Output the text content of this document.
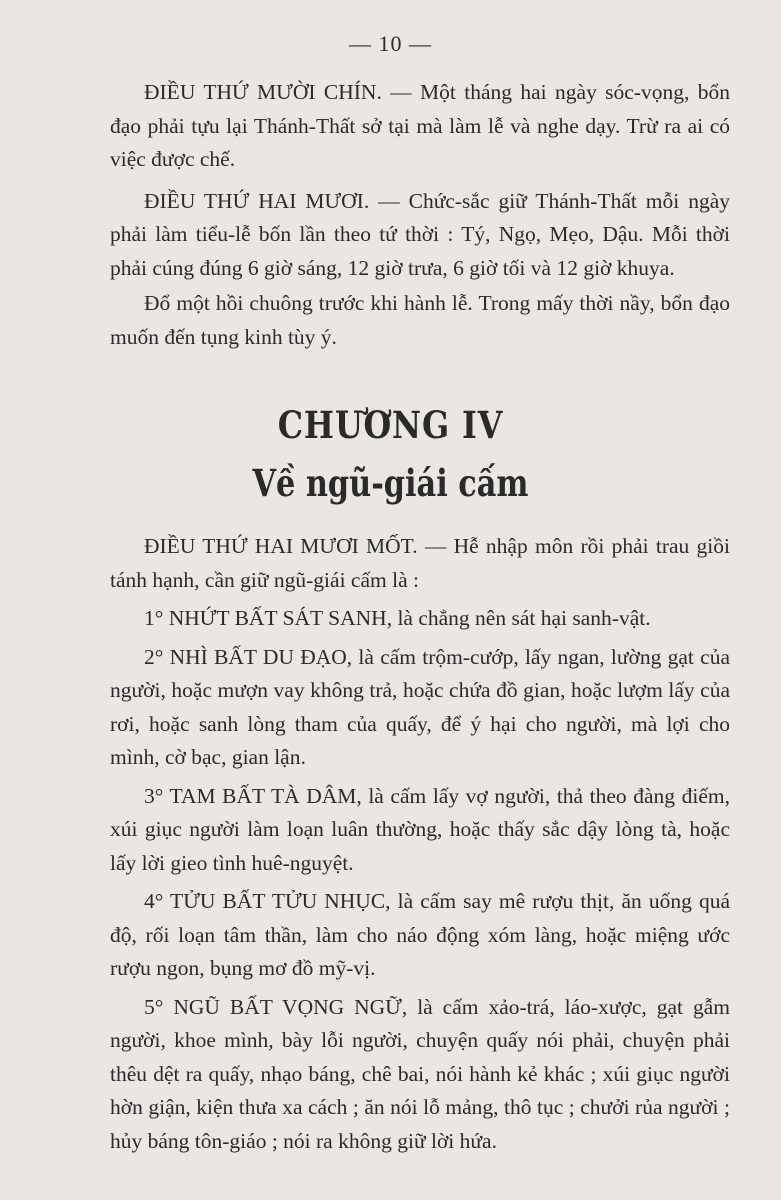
— 10 —

ĐIỀU THỨ MƯỜI CHÍN. — Một tháng hai ngày sóc-vọng, bổn đạo phải tựu lại Thánh-Thất sở tại mà làm lễ và nghe dạy. Trừ ra ai có việc được chế.

ĐIỀU THỨ HAI MƯƠI. — Chức-sắc giữ Thánh-Thất mỗi ngày phải làm tiểu-lễ bốn lần theo tứ thời : Tý, Ngọ, Mẹo, Dậu. Mỗi thời phải cúng đúng 6 giờ sáng, 12 giờ trưa, 6 giờ tối và 12 giờ khuya.

Đổ một hồi chuông trước khi hành lễ. Trong mấy thời nầy, bổn đạo muốn đến tụng kinh tùy ý.

CHƯƠNG IV
Về ngũ-giái cấm

ĐIỀU THỨ HAI MƯƠI MỐT. — Hễ nhập môn rồi phải trau giồi tánh hạnh, cần giữ ngũ-giái cấm là :

1° NHỨT BẤT SÁT SANH, là chẳng nên sát hại sanh-vật.

2° NHÌ BẤT DU ĐẠO, là cấm trộm-cướp, lấy ngan, lường gạt của người, hoặc mượn vay không trả, hoặc chứa đồ gian, hoặc lượm lấy của rơi, hoặc sanh lòng tham của quấy, để ý hại cho người, mà lợi cho mình, cờ bạc, gian lận.

3° TAM BẤT TÀ DÂM, là cấm lấy vợ người, thả theo đàng điếm, xúi giục người làm loạn luân thường, hoặc thấy sắc dậy lòng tà, hoặc lấy lời gieo tình huê-nguyệt.

4° TỬU BẤT TỬU NHỤC, là cấm say mê rượu thịt, ăn uống quá độ, rối loạn tâm thần, làm cho náo động xóm làng, hoặc miệng ước rượu ngon, bụng mơ đồ mỹ-vị.

5° NGŨ BẤT VỌNG NGỮ, là cấm xảo-trá, láo-xược, gạt gẫm người, khoe mình, bày lỗi người, chuyện quấy nói phải, chuyện phải thêu dệt ra quấy, nhạo báng, chê bai, nói hành kẻ khác ; xúi giục người hờn giận, kiện thưa xa cách ; ăn nói lỗ mảng, thô tục ; chưởi rủa người ; hủy báng tôn-giáo ; nói ra không giữ lời hứa.
